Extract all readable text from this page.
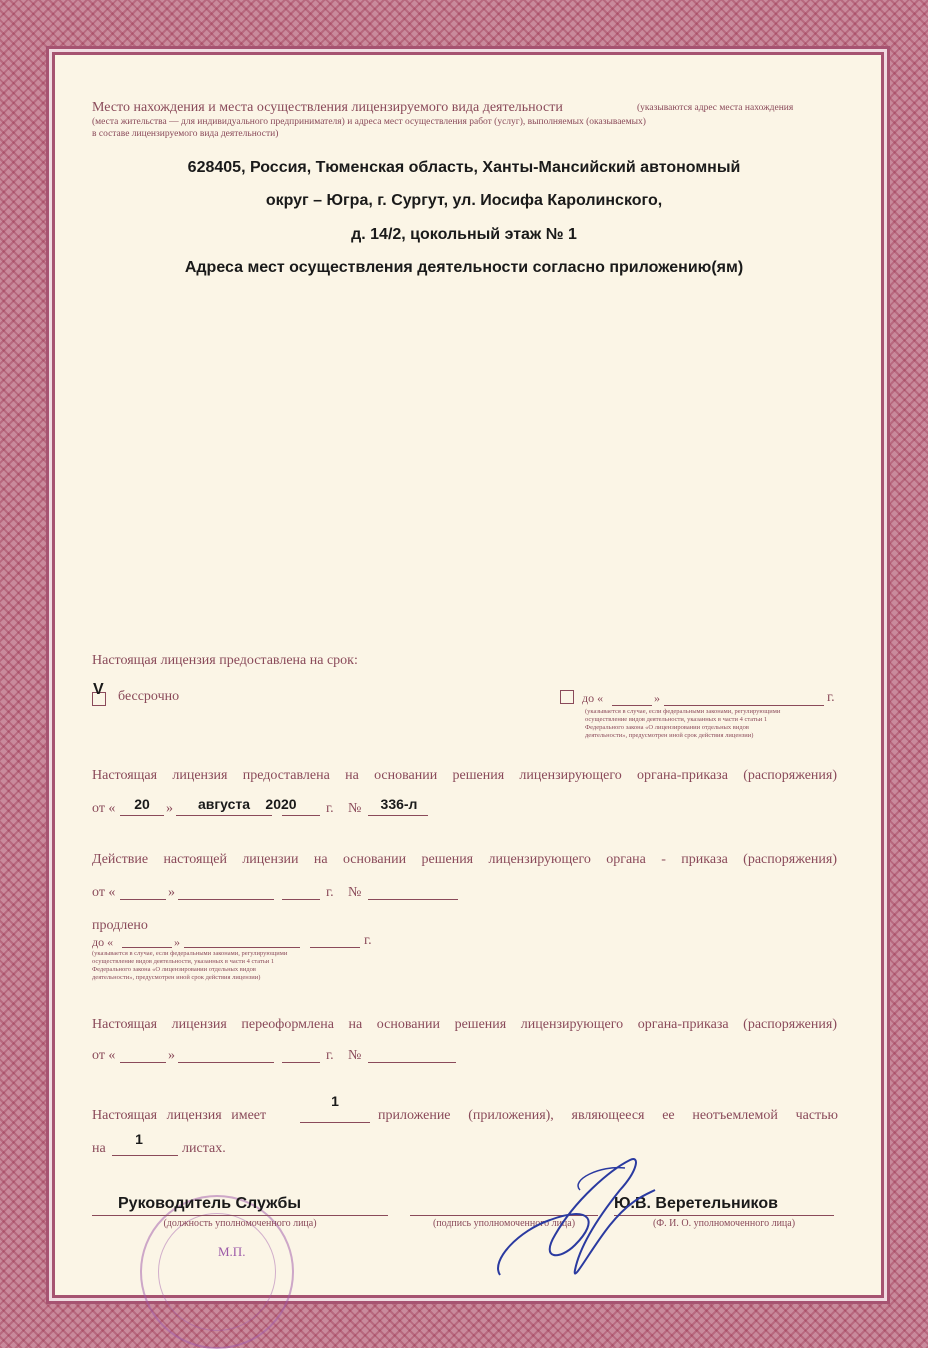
Место нахождения и места осуществления лицензируемого вида деятельности	(указываются адрес места нахождения
(места жительства — для индивидуального предпринимателя) и адреса мест осуществления работ (услуг), выполняемых (оказываемых)
в составе лицензируемого вида деятельности)
628405, Россия, Тюменская область, Ханты-Мансийский автономный
округ – Югра, г. Сургут, ул. Иосифа Каролинского,
д. 14/2, цокольный этаж № 1
Адреса мест осуществления деятельности согласно приложению(ям)
Настоящая лицензия предоставлена на срок:
V бессрочно	до «	»	г.
(указывается в случае, если федеральными законами, регулирующими
осуществление видов деятельности, указанных в части 4 статьи 1
Федерального закона «О лицензировании отдельных видов
деятельности», предусмотрен иной срок действия лицензии)
Настоящая лицензия предоставлена на основании решения лицензирующего органа-приказа (распоряжения)
от «	20	»	августа	2020	г. №	336-л
Действие настоящей лицензии на основании решения лицензирующего органа - приказа (распоряжения)
от «	»	г. №
продлено
до «	»	г.
(указывается в случае, если федеральными законами, регулирующими
осуществление видов деятельности, указанных в части 4 статьи 1
Федерального закона «О лицензировании отдельных видов
деятельности», предусмотрен иной срок действия лицензии)
Настоящая лицензия переоформлена на основании решения лицензирующего органа-приказа (распоряжения)
от «	»	г. №
Настоящая лицензия имеет
1
приложение (приложения), являющееся ее неотъемлемой частью
на
1
листах.
М.П.
Руководитель Службы
(должность уполномоченного лица)	(подпись уполномоченного лица)
Ю.В. Веретельников
(Ф. И. О. уполномоченного лица)
